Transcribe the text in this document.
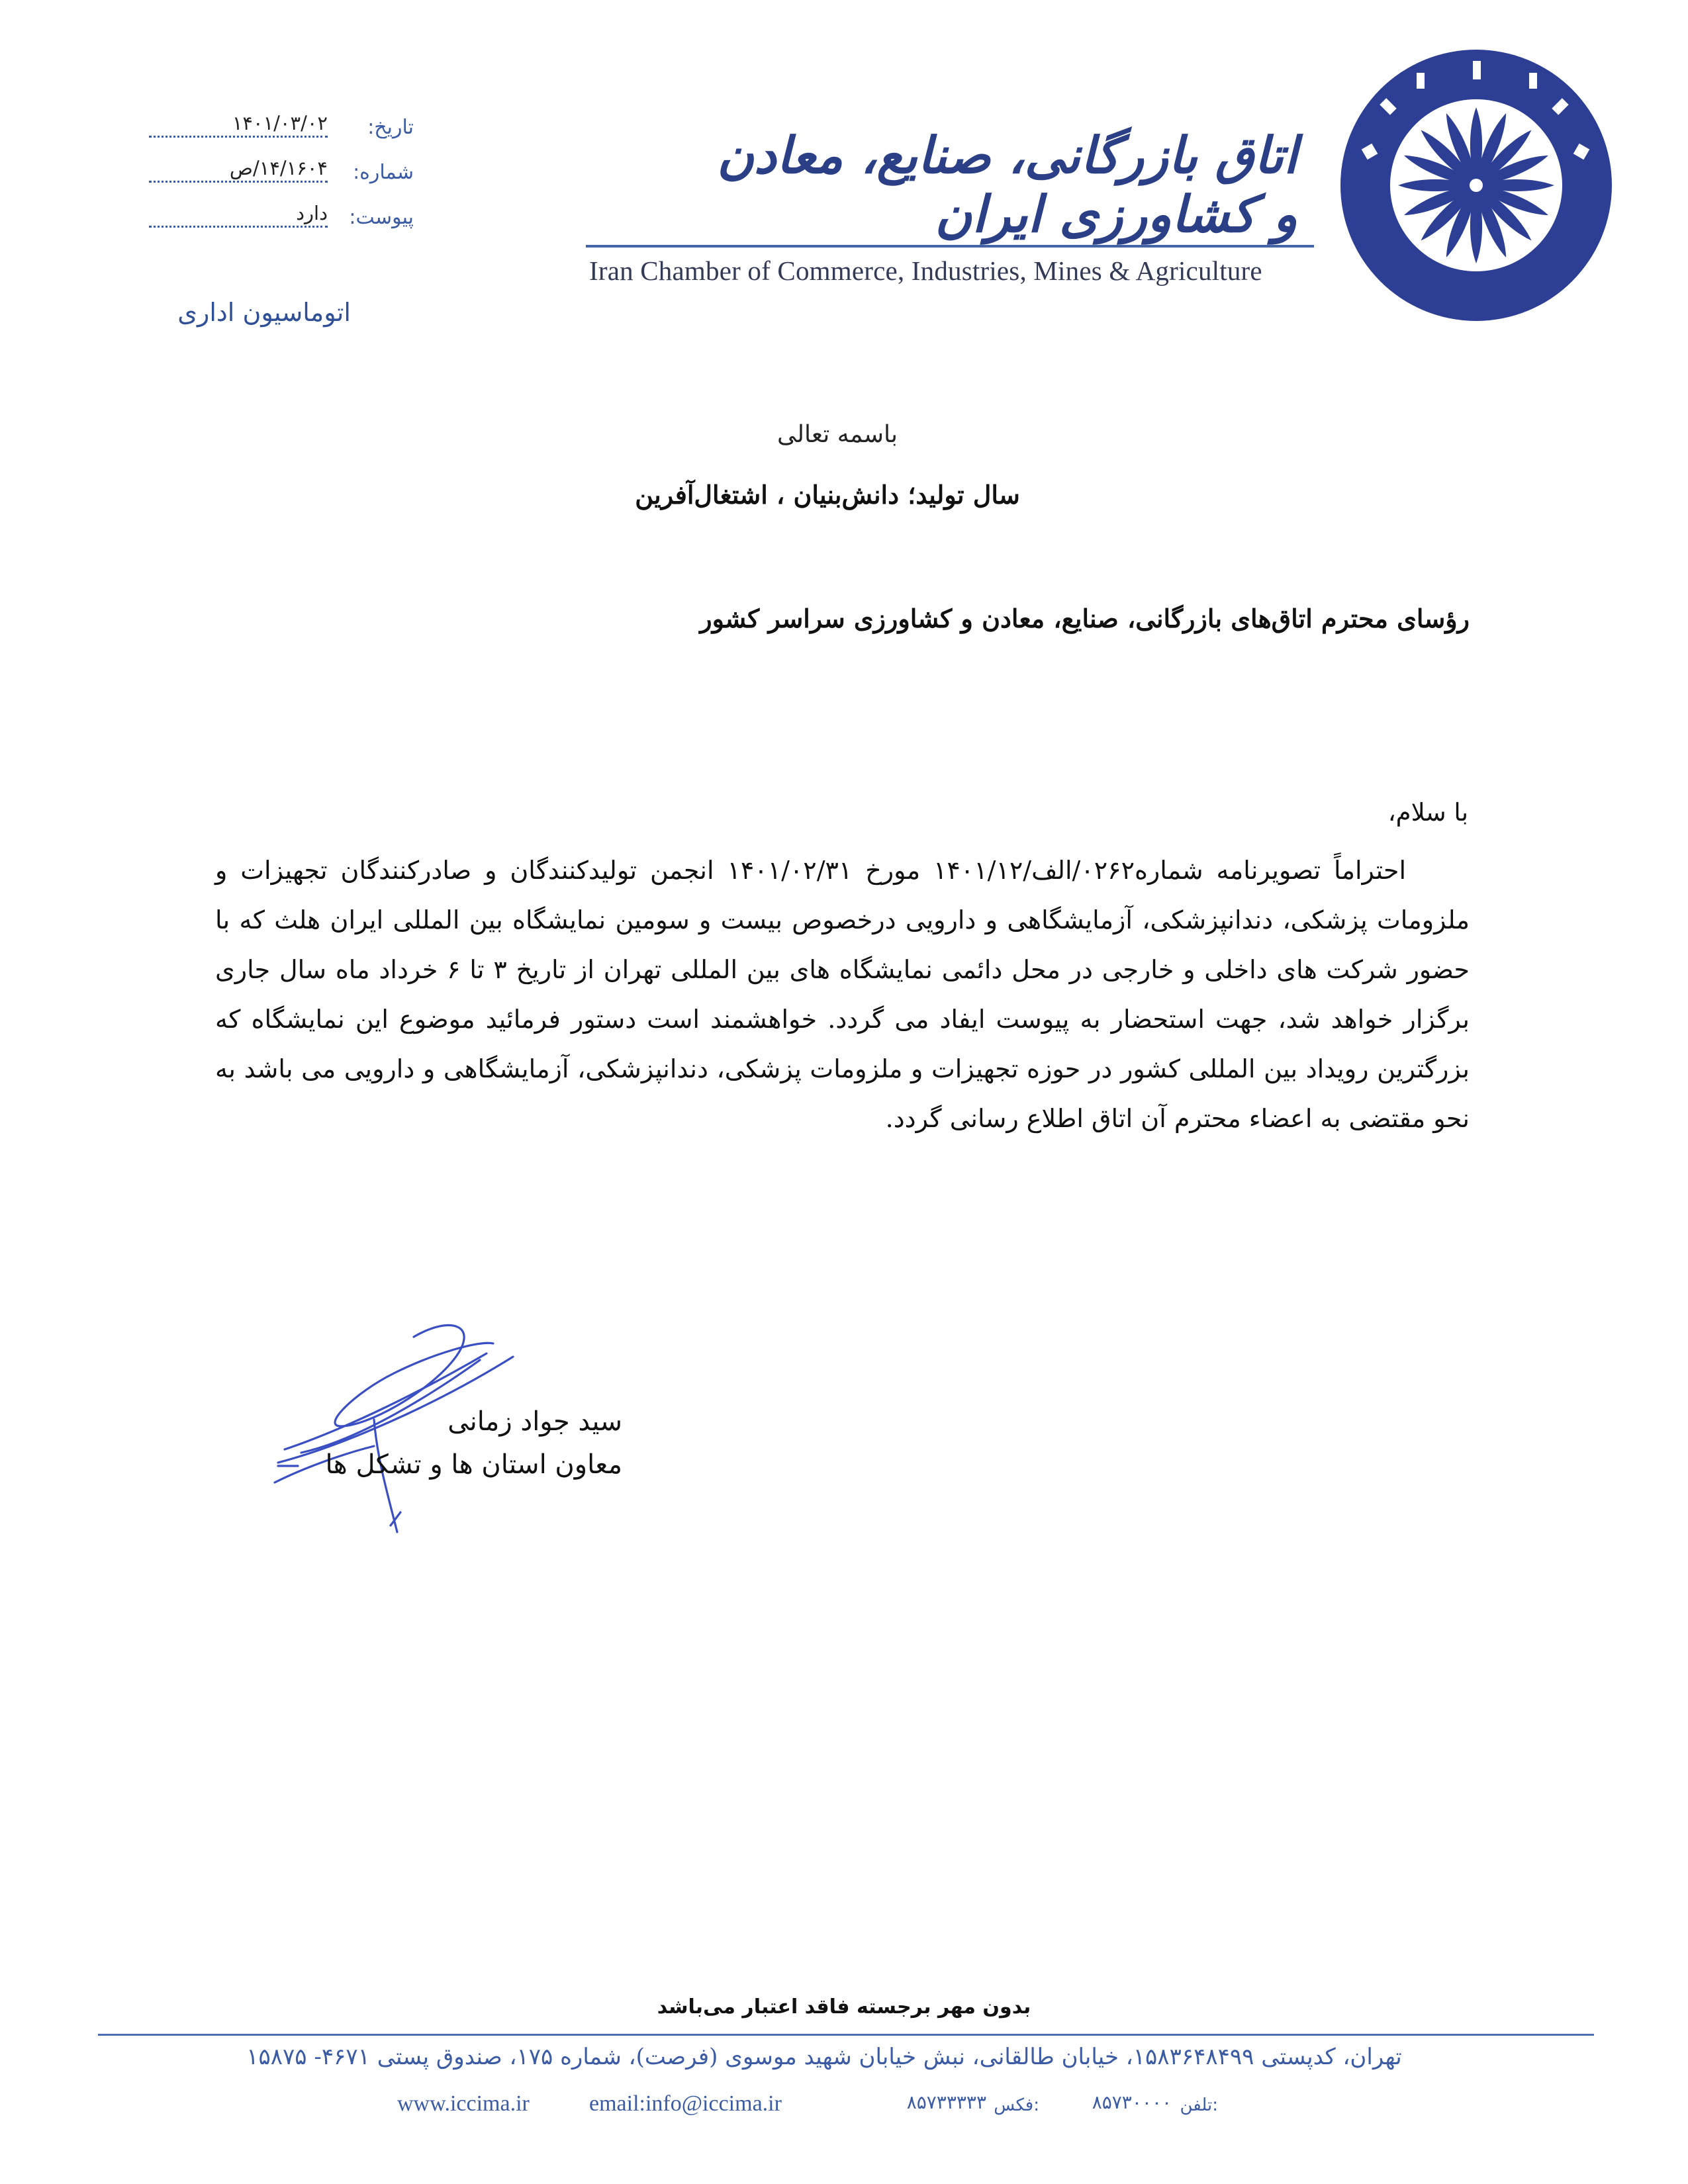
اتاق بازرگانی، صنایع، معادن و کشاورزی ایران
Iran Chamber of Commerce, Industries, Mines & Agriculture
تاریخ:
۱۴۰۱/۰۳/۰۲
شماره:
۱۴/۱۶۰۴/ص
پیوست:
دارد
اتوماسیون اداری
باسمه تعالی
سال تولید؛ دانش‌بنیان ، اشتغال‌آفرین
رؤسای محترم اتاق‌های بازرگانی، صنایع، معادن و کشاورزی سراسر کشور
با سلام،
احتراماً تصویرنامه شماره۰۲۶۲/الف/۱۴۰۱/۱۲ مورخ ۱۴۰۱/۰۲/۳۱ انجمن تولیدکنندگان و صادرکنندگان تجهیزات و ملزومات پزشکی، دندانپزشکی، آزمایشگاهی و دارویی درخصوص بیست و سومین نمایشگاه بین المللی ایران هلث که با حضور شرکت های داخلی و خارجی در محل دائمی نمایشگاه های بین المللی تهران از تاریخ ۳ تا ۶ خرداد ماه سال جاری برگزار خواهد شد، جهت استحضار به پیوست ایفاد می گردد. خواهشمند است دستور فرمائید موضوع این نمایشگاه که بزرگترین رویداد بین المللی کشور در حوزه تجهیزات و ملزومات پزشکی، دندانپزشکی، آزمایشگاهی و دارویی می باشد به نحو مقتضی به اعضاء محترم آن اتاق اطلاع رسانی گردد.
سید جواد زمانی
معاون استان ها و تشکل ها
بدون مهر برجسته فاقد اعتبار می‌باشد
تهران، کدپستی ۱۵۸۳۶۴۸۴۹۹، خیابان طالقانی، نبش خیابان شهید موسوی (فرصت)، شماره ۱۷۵، صندوق پستی ۴۶۷۱- ۱۵۸۷۵
تلفن:
۸۵۷۳۰۰۰۰
فکس:
۸۵۷۳۳۳۳۳
email:info@iccima.ir
www.iccima.ir
